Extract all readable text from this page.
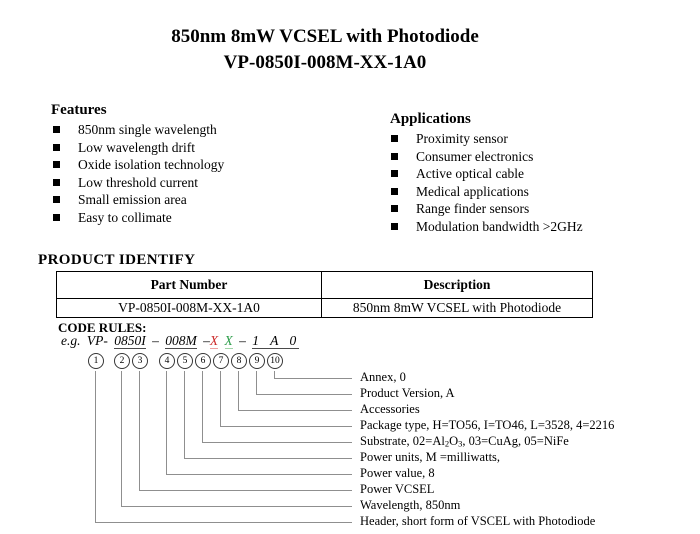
850nm 8mW VCSEL with Photodiode
VP-0850I-008M-XX-1A0
Features
850nm single wavelength
Low wavelength drift
Oxide isolation technology
Low threshold current
Small emission area
Easy to collimate
Applications
Proximity sensor
Consumer electronics
Active optical cable
Medical applications
Range finder sensors
Modulation bandwidth >2GHz
PRODUCT IDENTIFY
Part Number	Description
VP-0850I-008M-XX-1A0	850nm 8mW VCSEL with Photodiode
CODE RULES:
e.g. VP- 0850I – 008M –X X – 1 A 0
1	2	3	4	5	6	7	8	9	10
Annex, 0
Product Version, A
Accessories
Package type, H=TO56, I=TO46, L=3528, 4=2216
Substrate, 02=Al2O3, 03=CuAg, 05=NiFe
Power units, M =milliwatts,
Power value, 8
Power VCSEL
Wavelength, 850nm
Header, short form of VSCEL with Photodiode
